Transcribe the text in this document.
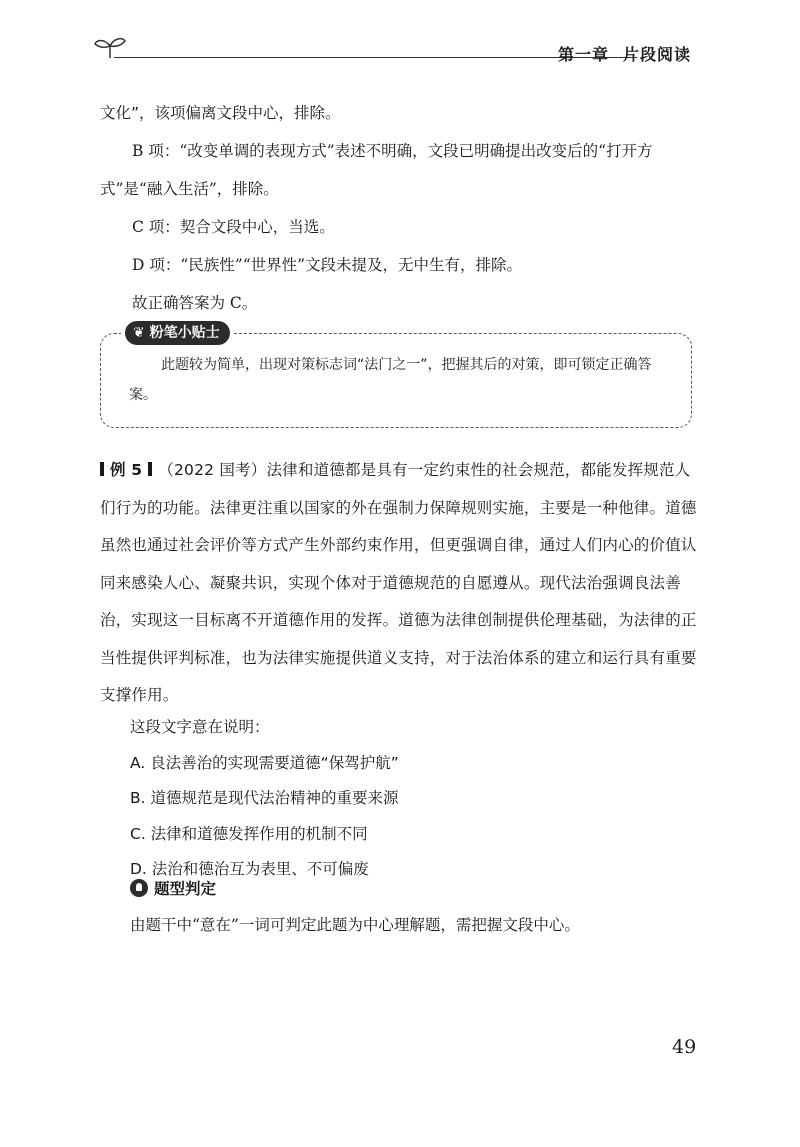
第一章 片段阅读

文化”，该项偏离文段中心，排除。

B 项：“改变单调的表现方式”表述不明确，文段已明确提出改变后的“打开方式”是“融入生活”，排除。

C 项：契合文段中心，当选。

D 项：“民族性”“世界性”文段未提及，无中生有，排除。

故正确答案为 C。

❦ 粉笔小贴士
此题较为简单，出现对策标志词“法门之一”，把握其后的对策，即可锁定正确答案。
例 5 （2022 国考）法律和道德都是具有一定约束性的社会规范，都能发挥规范人们行为的功能。法律更注重以国家的外在强制力保障规则实施，主要是一种他律。道德虽然也通过社会评价等方式产生外部约束作用，但更强调自律，通过人们内心的价值认同来感染人心、凝聚共识，实现个体对于道德规范的自愿遵从。现代法治强调良法善治，实现这一目标离不开道德作用的发挥。道德为法律创制提供伦理基础，为法律的正当性提供评判标准，也为法律实施提供道义支持，对于法治体系的建立和运行具有重要支撑作用。
这段文字意在说明：
A. 良法善治的实现需要道德“保驾护航”
B. 道德规范是现代法治精神的重要来源
C. 法律和道德发挥作用的机制不同
D. 法治和德治互为表里、不可偏废
题型判定
由题干中“意在”一词可判定此题为中心理解题，需把握文段中心。
49
